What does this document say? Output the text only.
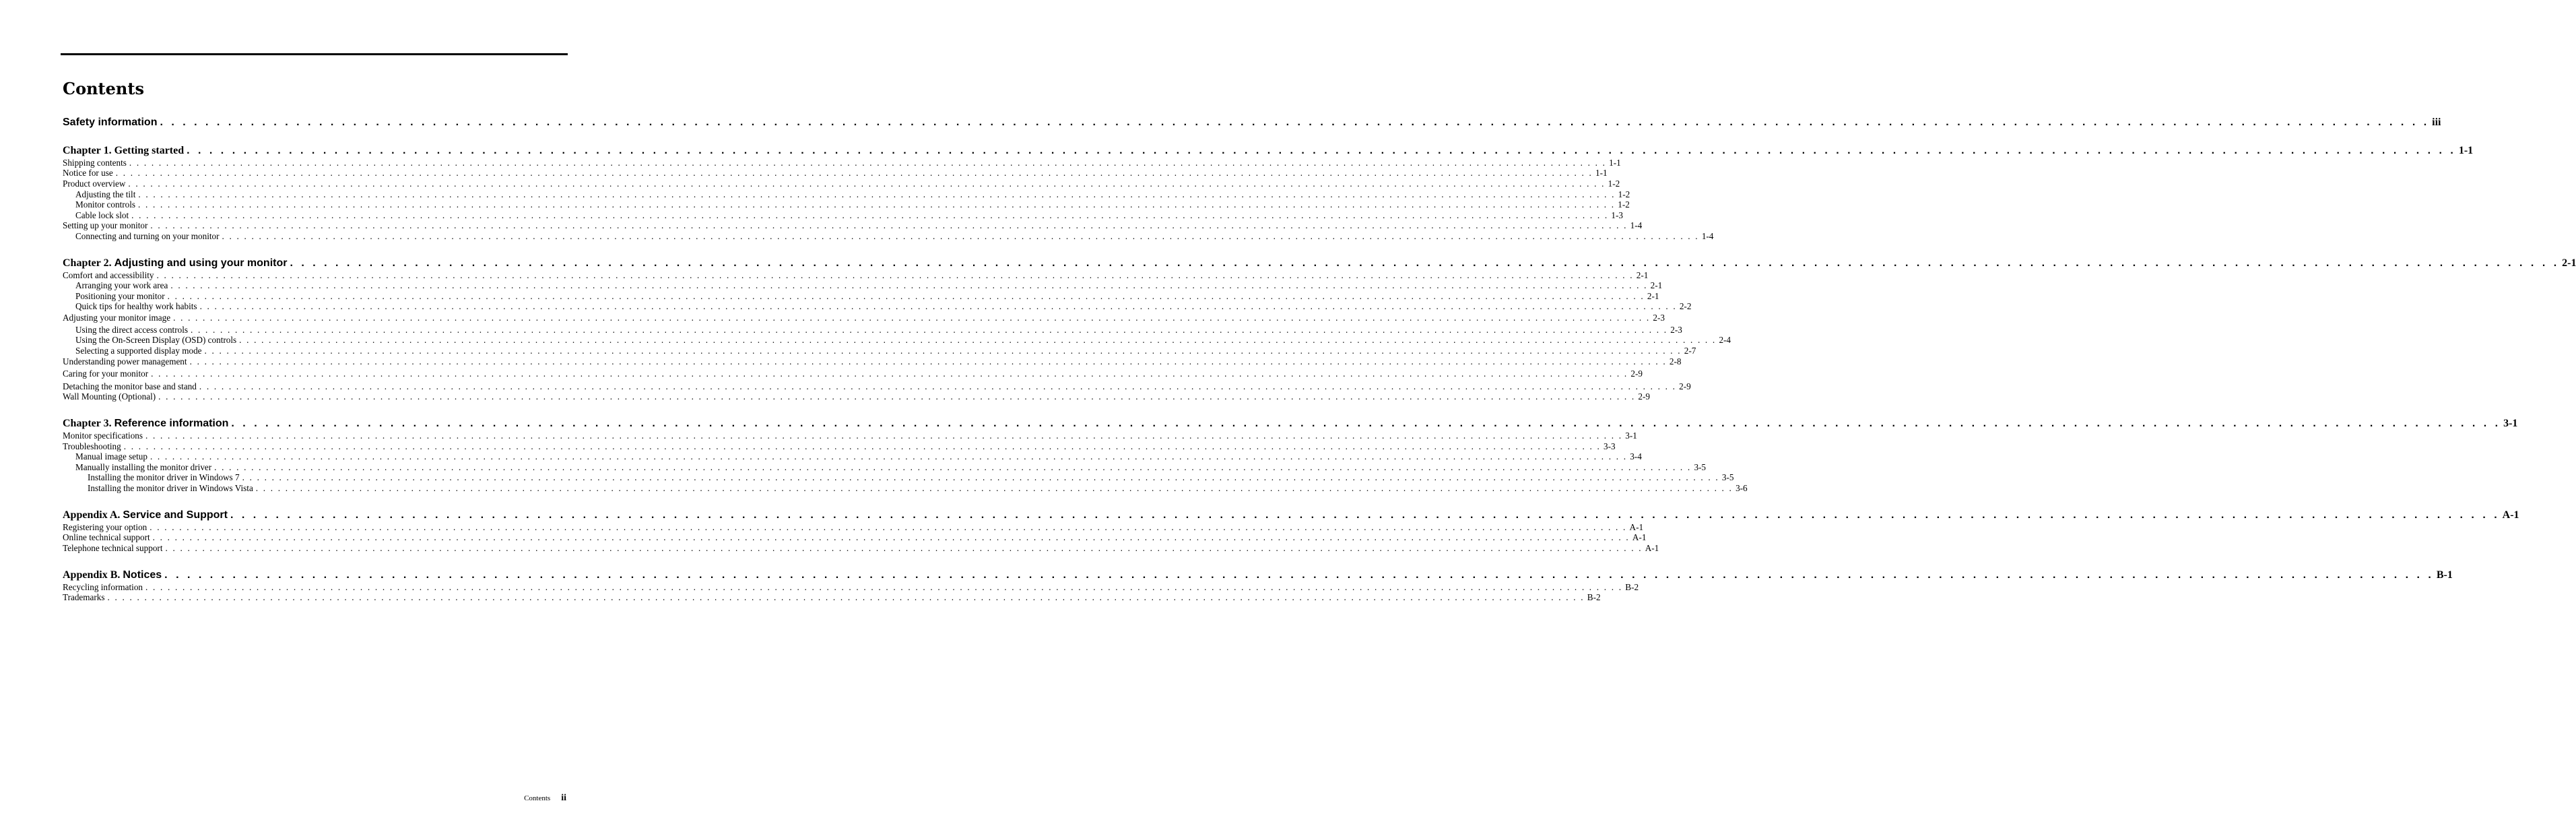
Contents
Safety information . . . . . . . . . . . . . . . . . . . . . . . . . . . . . . . . . . . . . . . . . . . . . . . . . . . . . . . . . . . . . . . . . . . . . . . . . . . . . . . . . . . . . . . . . . . . . . . . . . . . . . . . . . . . . . . . . . . . . . . . . . . . . . . . . . . . . . . . . . . . . . . . . . . . . . . . . . . . . . . . . . . . . . . . . . . . . . . . . . . . . . . . . . . . . . . . . . . . . . . . iii
Chapter 1. Getting started . . . . . . . . . . . . . . . . . . . . . . . . . . . . . . . . . . . . . . . . . . . . . . . . . . . . . . . . . . . . . . . . . . . . . . . . . . . . . . . . . . . . . . . . . . . . . . . . . . . . . . . . . . . . . . . . . . . . . . . . . . . . . . . . . . . . . . . . . . . . . . . . . . . . . . . . . . . . . . . . . . . . . . . . . . . . . . . . . . . . . . . . . . . . . . . . . . . . . . . . 1-1
Shipping contents . . . . . . . . . . . . . . . . . . . . . . . . . . . . . . . . . . . . . . . . . . . . . . . . . . . . . . . . . . . . . . . . . . . . . . . . . . . . . . . . . . . . . . . . . . . . . . . . . . . . . . . . . . . . . . . . . . . . . . . . . . . . . . . . . . . . . . . . . . . . . . . . . . . . . . . . . . . . . . . . . . . . . . . . . . . . . . . . . . . . . . . . . . . . . . . . . . . . . . . . 1-1
Notice for use . . . . . . . . . . . . . . . . . . . . . . . . . . . . . . . . . . . . . . . . . . . . . . . . . . . . . . . . . . . . . . . . . . . . . . . . . . . . . . . . . . . . . . . . . . . . . . . . . . . . . . . . . . . . . . . . . . . . . . . . . . . . . . . . . . . . . . . . . . . . . . . . . . . . . . . . . . . . . . . . . . . . . . . . . . . . . . . . . . . . . . . . . . . . . . . . . . . . . . . . 1-1
Product overview . . . . . . . . . . . . . . . . . . . . . . . . . . . . . . . . . . . . . . . . . . . . . . . . . . . . . . . . . . . . . . . . . . . . . . . . . . . . . . . . . . . . . . . . . . . . . . . . . . . . . . . . . . . . . . . . . . . . . . . . . . . . . . . . . . . . . . . . . . . . . . . . . . . . . . . . . . . . . . . . . . . . . . . . . . . . . . . . . . . . . . . . . . . . . . . . . . . . . . . . 1-2
Adjusting the tilt . . . . . . . . . . . . . . . . . . . . . . . . . . . . . . . . . . . . . . . . . . . . . . . . . . . . . . . . . . . . . . . . . . . . . . . . . . . . . . . . . . . . . . . . . . . . . . . . . . . . . . . . . . . . . . . . . . . . . . . . . . . . . . . . . . . . . . . . . . . . . . . . . . . . . . . . . . . . . . . . . . . . . . . . . . . . . . . . . . . . . . . . . . . . . . . . . . . . . . . . 1-2
Monitor controls . . . . . . . . . . . . . . . . . . . . . . . . . . . . . . . . . . . . . . . . . . . . . . . . . . . . . . . . . . . . . . . . . . . . . . . . . . . . . . . . . . . . . . . . . . . . . . . . . . . . . . . . . . . . . . . . . . . . . . . . . . . . . . . . . . . . . . . . . . . . . . . . . . . . . . . . . . . . . . . . . . . . . . . . . . . . . . . . . . . . . . . . . . . . . . . . . . . . . . . . 1-2
Cable lock slot . . . . . . . . . . . . . . . . . . . . . . . . . . . . . . . . . . . . . . . . . . . . . . . . . . . . . . . . . . . . . . . . . . . . . . . . . . . . . . . . . . . . . . . . . . . . . . . . . . . . . . . . . . . . . . . . . . . . . . . . . . . . . . . . . . . . . . . . . . . . . . . . . . . . . . . . . . . . . . . . . . . . . . . . . . . . . . . . . . . . . . . . . . . . . . . . . . . . . . . . 1-3
Setting up your monitor . . . . . . . . . . . . . . . . . . . . . . . . . . . . . . . . . . . . . . . . . . . . . . . . . . . . . . . . . . . . . . . . . . . . . . . . . . . . . . . . . . . . . . . . . . . . . . . . . . . . . . . . . . . . . . . . . . . . . . . . . . . . . . . . . . . . . . . . . . . . . . . . . . . . . . . . . . . . . . . . . . . . . . . . . . . . . . . . . . . . . . . . . . . . . . . . . . . . . . . . 1-4
Connecting and turning on your monitor . . . . . . . . . . . . . . . . . . . . . . . . . . . . . . . . . . . . . . . . . . . . . . . . . . . . . . . . . . . . . . . . . . . . . . . . . . . . . . . . . . . . . . . . . . . . . . . . . . . . . . . . . . . . . . . . . . . . . . . . . . . . . . . . . . . . . . . . . . . . . . . . . . . . . . . . . . . . . . . . . . . . . . . . . . . . . . . . . . . . . . . . . . . . . . . . . . . . . . . . 1-4
Chapter 2. Adjusting and using your monitor . . . . . . . . . . . . . . . . . . . . . . . . . . . . . . . . . . . . . . . . . . . . . . . . . . . . . . . . . . . . . . . . . . . . . . . . . . . . . . . . . . . . . . . . . . . . . . . . . . . . . . . . . . . . . . . . . . . . . . . . . . . . . . . . . . . . . . . . . . . . . . . . . . . . . . . . . . . . . . . . . . . . . . . . . . . . . . . . . . . . . . . . . . . . . . . . . . . . . . . . 2-1
Comfort and accessibility . . . . . . . . . . . . . . . . . . . . . . . . . . . . . . . . . . . . . . . . . . . . . . . . . . . . . . . . . . . . . . . . . . . . . . . . . . . . . . . . . . . . . . . . . . . . . . . . . . . . . . . . . . . . . . . . . . . . . . . . . . . . . . . . . . . . . . . . . . . . . . . . . . . . . . . . . . . . . . . . . . . . . . . . . . . . . . . . . . . . . . . . . . . . . . . . . . . . . . . . 2-1
Arranging your work area . . . . . . . . . . . . . . . . . . . . . . . . . . . . . . . . . . . . . . . . . . . . . . . . . . . . . . . . . . . . . . . . . . . . . . . . . . . . . . . . . . . . . . . . . . . . . . . . . . . . . . . . . . . . . . . . . . . . . . . . . . . . . . . . . . . . . . . . . . . . . . . . . . . . . . . . . . . . . . . . . . . . . . . . . . . . . . . . . . . . . . . . . . . . . . . . . . . . . . . . 2-1
Positioning your monitor . . . . . . . . . . . . . . . . . . . . . . . . . . . . . . . . . . . . . . . . . . . . . . . . . . . . . . . . . . . . . . . . . . . . . . . . . . . . . . . . . . . . . . . . . . . . . . . . . . . . . . . . . . . . . . . . . . . . . . . . . . . . . . . . . . . . . . . . . . . . . . . . . . . . . . . . . . . . . . . . . . . . . . . . . . . . . . . . . . . . . . . . . . . . . . . . . . . . . . . . 2-1
Quick tips for healthy work habits . . . . . . . . . . . . . . . . . . . . . . . . . . . . . . . . . . . . . . . . . . . . . . . . . . . . . . . . . . . . . . . . . . . . . . . . . . . . . . . . . . . . . . . . . . . . . . . . . . . . . . . . . . . . . . . . . . . . . . . . . . . . . . . . . . . . . . . . . . . . . . . . . . . . . . . . . . . . . . . . . . . . . . . . . . . . . . . . . . . . . . . . . . . . . . . . . . . . . . . . 2-2
Adjusting your monitor image . . . . . . . . . . . . . . . . . . . . . . . . . . . . . . . . . . . . . . . . . . . . . . . . . . . . . . . . . . . . . . . . . . . . . . . . . . . . . . . . . . . . . . . . . . . . . . . . . . . . . . . . . . . . . . . . . . . . . . . . . . . . . . . . . . . . . . . . . . . . . . . . . . . . . . . . . . . . . . . . . . . . . . . . . . . . . . . . . . . . . . . . . . . . . . . . . . . . . . . . 2-3
Using the direct access controls . . . . . . . . . . . . . . . . . . . . . . . . . . . . . . . . . . . . . . . . . . . . . . . . . . . . . . . . . . . . . . . . . . . . . . . . . . . . . . . . . . . . . . . . . . . . . . . . . . . . . . . . . . . . . . . . . . . . . . . . . . . . . . . . . . . . . . . . . . . . . . . . . . . . . . . . . . . . . . . . . . . . . . . . . . . . . . . . . . . . . . . . . . . . . . . . . . . . . . . . 2-3
Using the On-Screen Display (OSD) controls . . . . . . . . . . . . . . . . . . . . . . . . . . . . . . . . . . . . . . . . . . . . . . . . . . . . . . . . . . . . . . . . . . . . . . . . . . . . . . . . . . . . . . . . . . . . . . . . . . . . . . . . . . . . . . . . . . . . . . . . . . . . . . . . . . . . . . . . . . . . . . . . . . . . . . . . . . . . . . . . . . . . . . . . . . . . . . . . . . . . . . . . . . . . . . . . . . . . . . . . 2-4
Selecting a supported display mode . . . . . . . . . . . . . . . . . . . . . . . . . . . . . . . . . . . . . . . . . . . . . . . . . . . . . . . . . . . . . . . . . . . . . . . . . . . . . . . . . . . . . . . . . . . . . . . . . . . . . . . . . . . . . . . . . . . . . . . . . . . . . . . . . . . . . . . . . . . . . . . . . . . . . . . . . . . . . . . . . . . . . . . . . . . . . . . . . . . . . . . . . . . . . . . . . . . . . . . . 2-7
Understanding power management . . . . . . . . . . . . . . . . . . . . . . . . . . . . . . . . . . . . . . . . . . . . . . . . . . . . . . . . . . . . . . . . . . . . . . . . . . . . . . . . . . . . . . . . . . . . . . . . . . . . . . . . . . . . . . . . . . . . . . . . . . . . . . . . . . . . . . . . . . . . . . . . . . . . . . . . . . . . . . . . . . . . . . . . . . . . . . . . . . . . . . . . . . . . . . . . . . . . . . . . 2-8
Caring for your monitor . . . . . . . . . . . . . . . . . . . . . . . . . . . . . . . . . . . . . . . . . . . . . . . . . . . . . . . . . . . . . . . . . . . . . . . . . . . . . . . . . . . . . . . . . . . . . . . . . . . . . . . . . . . . . . . . . . . . . . . . . . . . . . . . . . . . . . . . . . . . . . . . . . . . . . . . . . . . . . . . . . . . . . . . . . . . . . . . . . . . . . . . . . . . . . . . . . . . . . . . 2-9
Detaching the monitor base and stand . . . . . . . . . . . . . . . . . . . . . . . . . . . . . . . . . . . . . . . . . . . . . . . . . . . . . . . . . . . . . . . . . . . . . . . . . . . . . . . . . . . . . . . . . . . . . . . . . . . . . . . . . . . . . . . . . . . . . . . . . . . . . . . . . . . . . . . . . . . . . . . . . . . . . . . . . . . . . . . . . . . . . . . . . . . . . . . . . . . . . . . . . . . . . . . . . . . . . . . . 2-9
Wall Mounting (Optional) . . . . . . . . . . . . . . . . . . . . . . . . . . . . . . . . . . . . . . . . . . . . . . . . . . . . . . . . . . . . . . . . . . . . . . . . . . . . . . . . . . . . . . . . . . . . . . . . . . . . . . . . . . . . . . . . . . . . . . . . . . . . . . . . . . . . . . . . . . . . . . . . . . . . . . . . . . . . . . . . . . . . . . . . . . . . . . . . . . . . . . . . . . . . . . . . . . . . . . . . 2-9
Chapter 3. Reference information . . . . . . . . . . . . . . . . . . . . . . . . . . . . . . . . . . . . . . . . . . . . . . . . . . . . . . . . . . . . . . . . . . . . . . . . . . . . . . . . . . . . . . . . . . . . . . . . . . . . . . . . . . . . . . . . . . . . . . . . . . . . . . . . . . . . . . . . . . . . . . . . . . . . . . . . . . . . . . . . . . . . . . . . . . . . . . . . . . . . . . . . . . . . . . . . . . . . . . . . 3-1
Monitor specifications . . . . . . . . . . . . . . . . . . . . . . . . . . . . . . . . . . . . . . . . . . . . . . . . . . . . . . . . . . . . . . . . . . . . . . . . . . . . . . . . . . . . . . . . . . . . . . . . . . . . . . . . . . . . . . . . . . . . . . . . . . . . . . . . . . . . . . . . . . . . . . . . . . . . . . . . . . . . . . . . . . . . . . . . . . . . . . . . . . . . . . . . . . . . . . . . . . . . . . . . 3-1
Troubleshooting . . . . . . . . . . . . . . . . . . . . . . . . . . . . . . . . . . . . . . . . . . . . . . . . . . . . . . . . . . . . . . . . . . . . . . . . . . . . . . . . . . . . . . . . . . . . . . . . . . . . . . . . . . . . . . . . . . . . . . . . . . . . . . . . . . . . . . . . . . . . . . . . . . . . . . . . . . . . . . . . . . . . . . . . . . . . . . . . . . . . . . . . . . . . . . . . . . . . . . . . 3-3
Manual image setup . . . . . . . . . . . . . . . . . . . . . . . . . . . . . . . . . . . . . . . . . . . . . . . . . . . . . . . . . . . . . . . . . . . . . . . . . . . . . . . . . . . . . . . . . . . . . . . . . . . . . . . . . . . . . . . . . . . . . . . . . . . . . . . . . . . . . . . . . . . . . . . . . . . . . . . . . . . . . . . . . . . . . . . . . . . . . . . . . . . . . . . . . . . . . . . . . . . . . . . . 3-4
Manually installing the monitor driver . . . . . . . . . . . . . . . . . . . . . . . . . . . . . . . . . . . . . . . . . . . . . . . . . . . . . . . . . . . . . . . . . . . . . . . . . . . . . . . . . . . . . . . . . . . . . . . . . . . . . . . . . . . . . . . . . . . . . . . . . . . . . . . . . . . . . . . . . . . . . . . . . . . . . . . . . . . . . . . . . . . . . . . . . . . . . . . . . . . . . . . . . . . . . . . . . . . . . . . . 3-5
Installing the monitor driver in Windows 7 . . . . . . . . . . . . . . . . . . . . . . . . . . . . . . . . . . . . . . . . . . . . . . . . . . . . . . . . . . . . . . . . . . . . . . . . . . . . . . . . . . . . . . . . . . . . . . . . . . . . . . . . . . . . . . . . . . . . . . . . . . . . . . . . . . . . . . . . . . . . . . . . . . . . . . . . . . . . . . . . . . . . . . . . . . . . . . . . . . . . . . . . . . . . . . . . . . . . . . . . 3-5
Installing the monitor driver in Windows Vista . . . . . . . . . . . . . . . . . . . . . . . . . . . . . . . . . . . . . . . . . . . . . . . . . . . . . . . . . . . . . . . . . . . . . . . . . . . . . . . . . . . . . . . . . . . . . . . . . . . . . . . . . . . . . . . . . . . . . . . . . . . . . . . . . . . . . . . . . . . . . . . . . . . . . . . . . . . . . . . . . . . . . . . . . . . . . . . . . . . . . . . . . . . . . . . . . . . . . . . . 3-6
Appendix A. Service and Support . . . . . . . . . . . . . . . . . . . . . . . . . . . . . . . . . . . . . . . . . . . . . . . . . . . . . . . . . . . . . . . . . . . . . . . . . . . . . . . . . . . . . . . . . . . . . . . . . . . . . . . . . . . . . . . . . . . . . . . . . . . . . . . . . . . . . . . . . . . . . . . . . . . . . . . . . . . . . . . . . . . . . . . . . . . . . . . . . . . . . . . . . . . . . . . . . . . . . . . . A-1
Registering your option . . . . . . . . . . . . . . . . . . . . . . . . . . . . . . . . . . . . . . . . . . . . . . . . . . . . . . . . . . . . . . . . . . . . . . . . . . . . . . . . . . . . . . . . . . . . . . . . . . . . . . . . . . . . . . . . . . . . . . . . . . . . . . . . . . . . . . . . . . . . . . . . . . . . . . . . . . . . . . . . . . . . . . . . . . . . . . . . . . . . . . . . . . . . . . . . . . . . . . . . A-1
Online technical support . . . . . . . . . . . . . . . . . . . . . . . . . . . . . . . . . . . . . . . . . . . . . . . . . . . . . . . . . . . . . . . . . . . . . . . . . . . . . . . . . . . . . . . . . . . . . . . . . . . . . . . . . . . . . . . . . . . . . . . . . . . . . . . . . . . . . . . . . . . . . . . . . . . . . . . . . . . . . . . . . . . . . . . . . . . . . . . . . . . . . . . . . . . . . . . . . . . . . . . . A-1
Telephone technical support . . . . . . . . . . . . . . . . . . . . . . . . . . . . . . . . . . . . . . . . . . . . . . . . . . . . . . . . . . . . . . . . . . . . . . . . . . . . . . . . . . . . . . . . . . . . . . . . . . . . . . . . . . . . . . . . . . . . . . . . . . . . . . . . . . . . . . . . . . . . . . . . . . . . . . . . . . . . . . . . . . . . . . . . . . . . . . . . . . . . . . . . . . . . . . . . . . . . . . . . A-1
Appendix B. Notices . . . . . . . . . . . . . . . . . . . . . . . . . . . . . . . . . . . . . . . . . . . . . . . . . . . . . . . . . . . . . . . . . . . . . . . . . . . . . . . . . . . . . . . . . . . . . . . . . . . . . . . . . . . . . . . . . . . . . . . . . . . . . . . . . . . . . . . . . . . . . . . . . . . . . . . . . . . . . . . . . . . . . . . . . . . . . . . . . . . . . . . . . . . . . . . . . . . . . . . . B-1
Recycling information . . . . . . . . . . . . . . . . . . . . . . . . . . . . . . . . . . . . . . . . . . . . . . . . . . . . . . . . . . . . . . . . . . . . . . . . . . . . . . . . . . . . . . . . . . . . . . . . . . . . . . . . . . . . . . . . . . . . . . . . . . . . . . . . . . . . . . . . . . . . . . . . . . . . . . . . . . . . . . . . . . . . . . . . . . . . . . . . . . . . . . . . . . . . . . . . . . . . . . . . B-2
Trademarks . . . . . . . . . . . . . . . . . . . . . . . . . . . . . . . . . . . . . . . . . . . . . . . . . . . . . . . . . . . . . . . . . . . . . . . . . . . . . . . . . . . . . . . . . . . . . . . . . . . . . . . . . . . . . . . . . . . . . . . . . . . . . . . . . . . . . . . . . . . . . . . . . . . . . . . . . . . . . . . . . . . . . . . . . . . . . . . . . . . . . . . . . . . . . . . . . . . . . . . . B-2
Contents ii
